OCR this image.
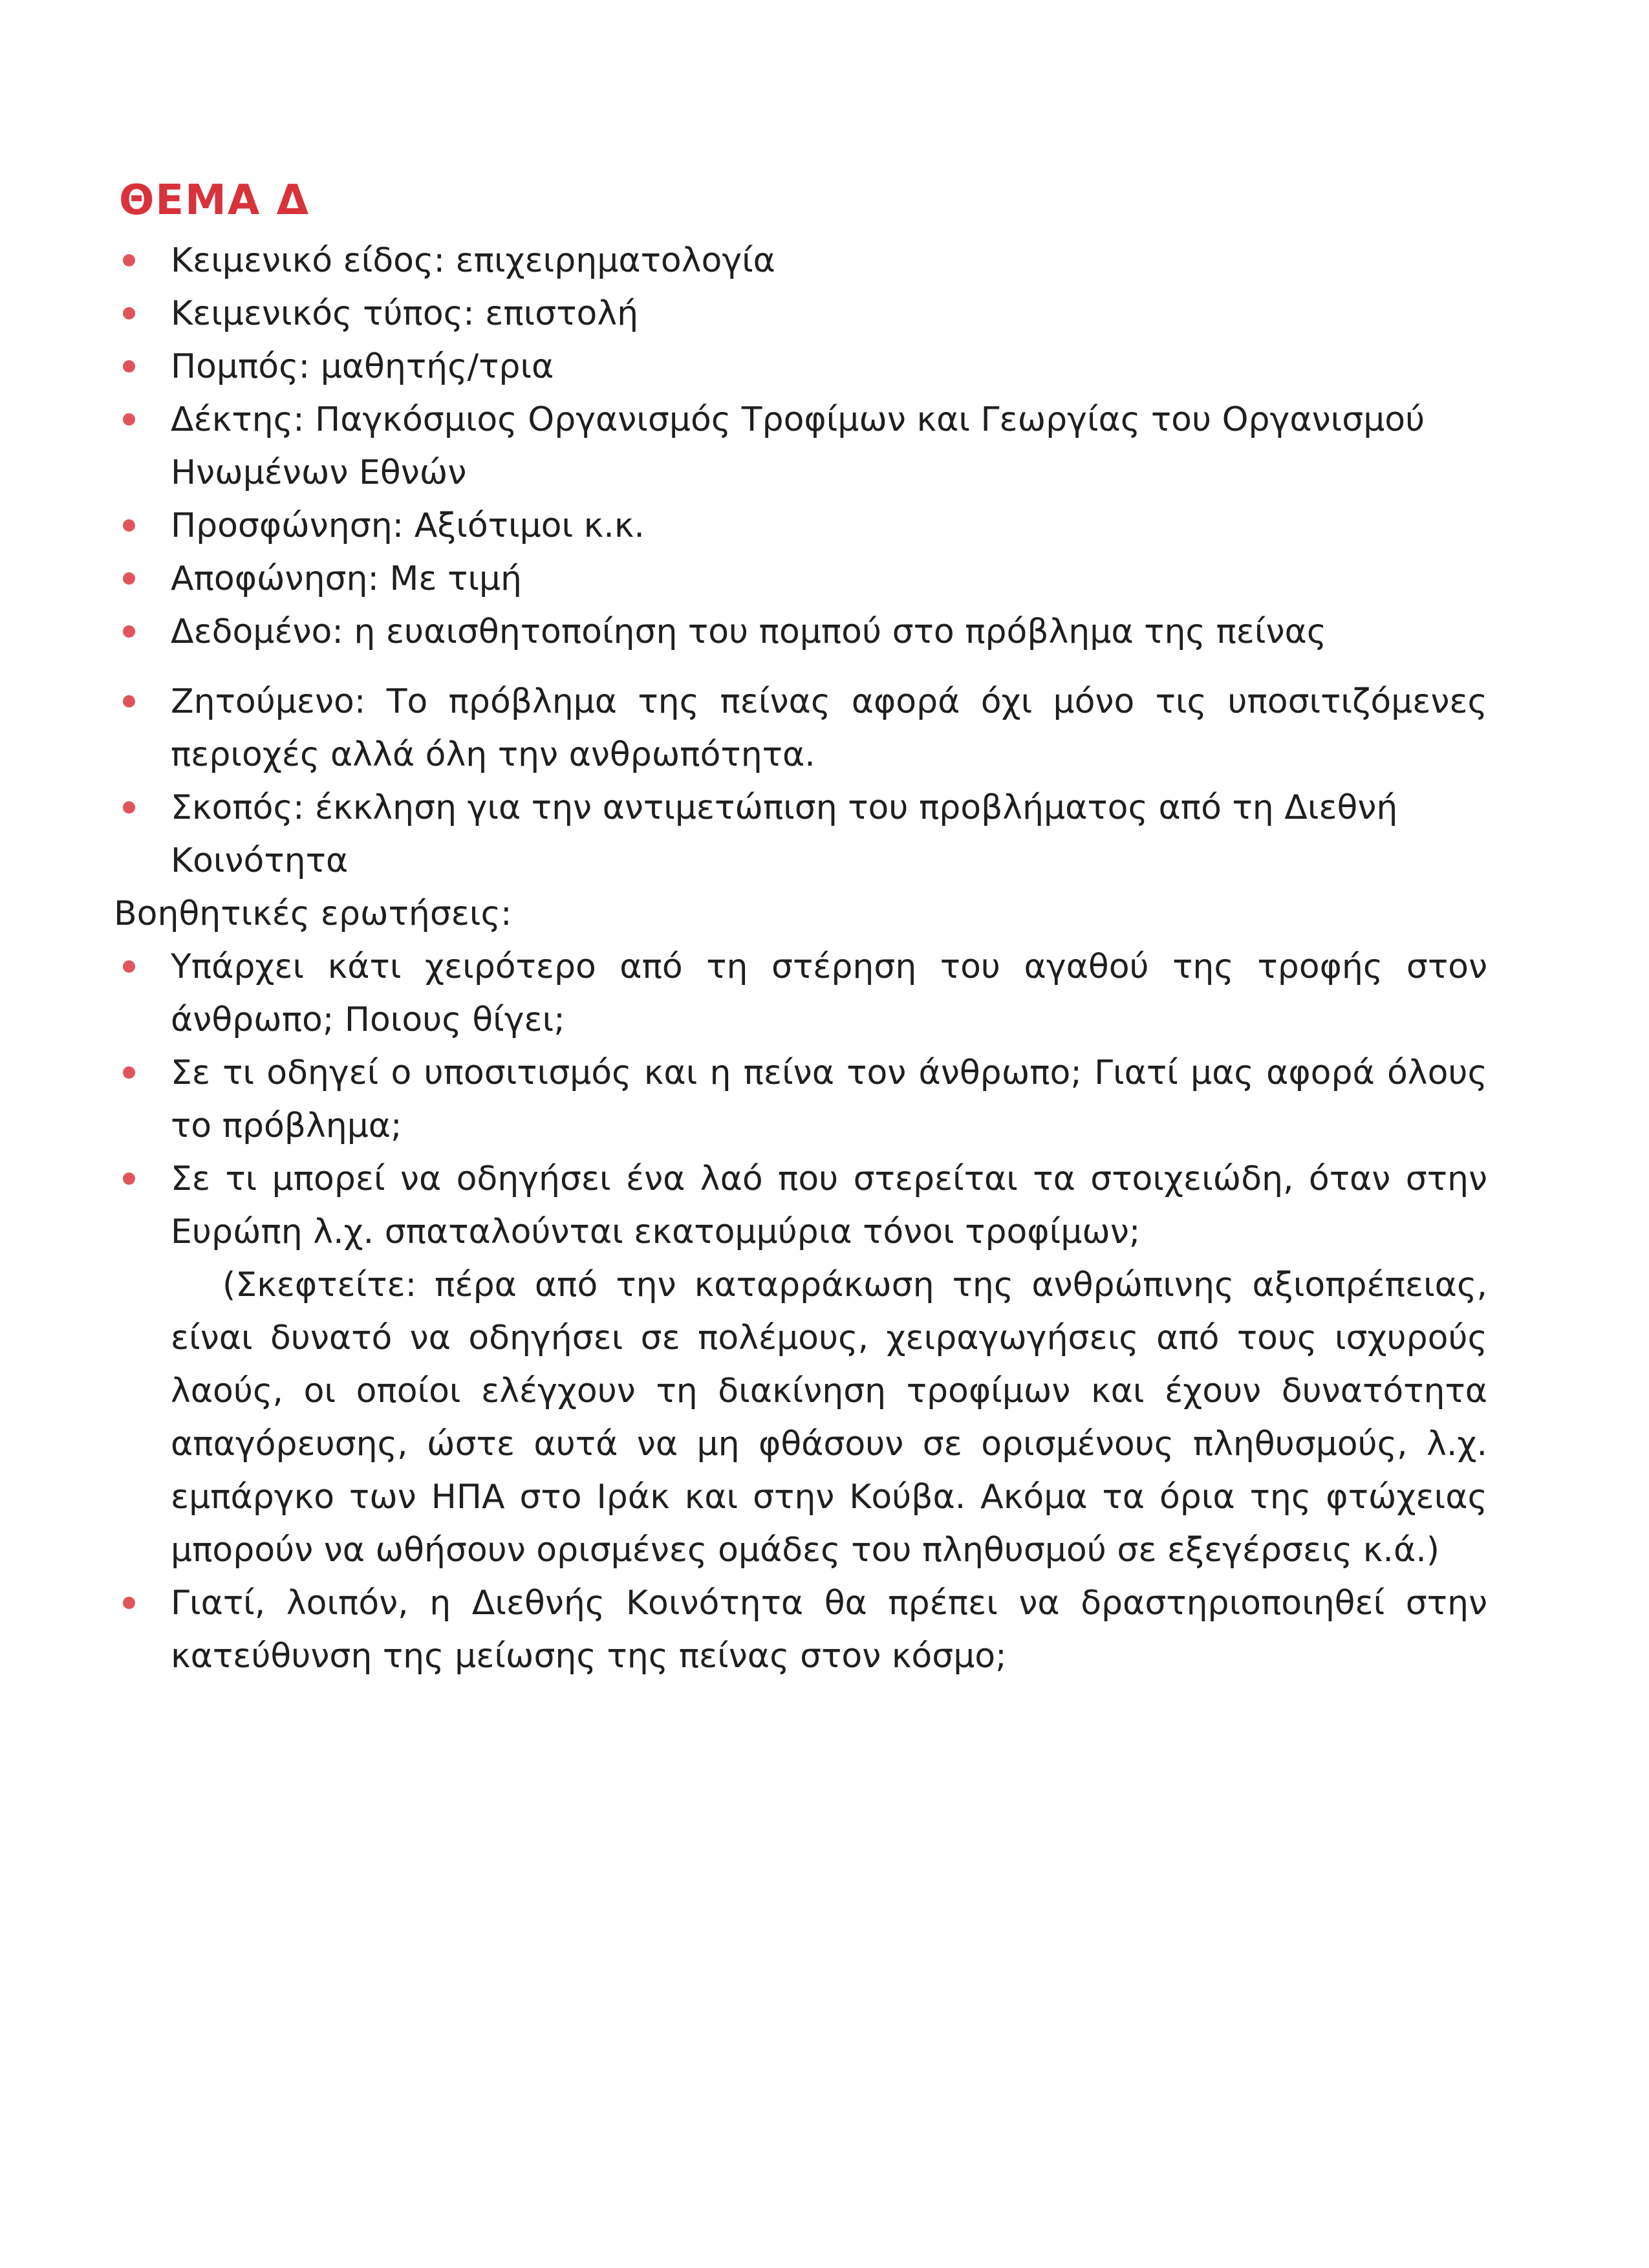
ΘΕΜΑ Δ
Κειμενικό είδος: επιχειρηματολογία
Κειμενικός τύπος: επιστολή
Πομπός: μαθητής/τρια
Δέκτης: Παγκόσμιος Οργανισμός Τροφίμων και Γεωργίας του Οργανισμού Ηνωμένων Εθνών
Προσφώνηση: Αξιότιμοι κ.κ.
Αποφώνηση: Με τιμή
Δεδομένο: η ευαισθητοποίηση του πομπού στο πρόβλημα της πείνας
Ζητούμενο: Το πρόβλημα της πείνας αφορά όχι μόνο τις υποσιτιζόμενες περιοχές αλλά όλη την ανθρωπότητα.
Σκοπός: έκκληση για την αντιμετώπιση του προβλήματος από τη Διεθνή Κοινότητα

Βοηθητικές ερωτήσεις:

Υπάρχει κάτι χειρότερο από τη στέρηση του αγαθού της τροφής στον άνθρωπο; Ποιους θίγει;
Σε τι οδηγεί ο υποσιτισμός και η πείνα τον άνθρωπο; Γιατί μας αφορά όλους το πρόβλημα;
Σε τι μπορεί να οδηγήσει ένα λαό που στερείται τα στοιχειώδη, όταν στην Ευρώπη λ.χ. σπαταλούνται εκατομμύρια τόνοι τροφίμων;

(Σκεφτείτε: πέρα από την καταρράκωση της ανθρώπινης αξιοπρέπειας, είναι δυνατό να οδηγήσει σε πολέμους, χειραγωγήσεις από τους ισχυρούς λαούς, οι οποίοι ελέγχουν τη διακίνηση τροφίμων και έχουν δυνατότητα απαγόρευσης, ώστε αυτά να μη φθάσουν σε ορισμένους πληθυσμούς, λ.χ. εμπάργκο των ΗΠΑ στο Ιράκ και στην Κούβα. Ακόμα τα όρια της φτώχειας μπορούν να ωθήσουν ορισμένες ομάδες του πληθυσμού σε εξεγέρσεις κ.ά.)

Γιατί, λοιπόν, η Διεθνής Κοινότητα θα πρέπει να δραστηριοποιηθεί στην κατεύθυνση της μείωσης της πείνας στον κόσμο;
